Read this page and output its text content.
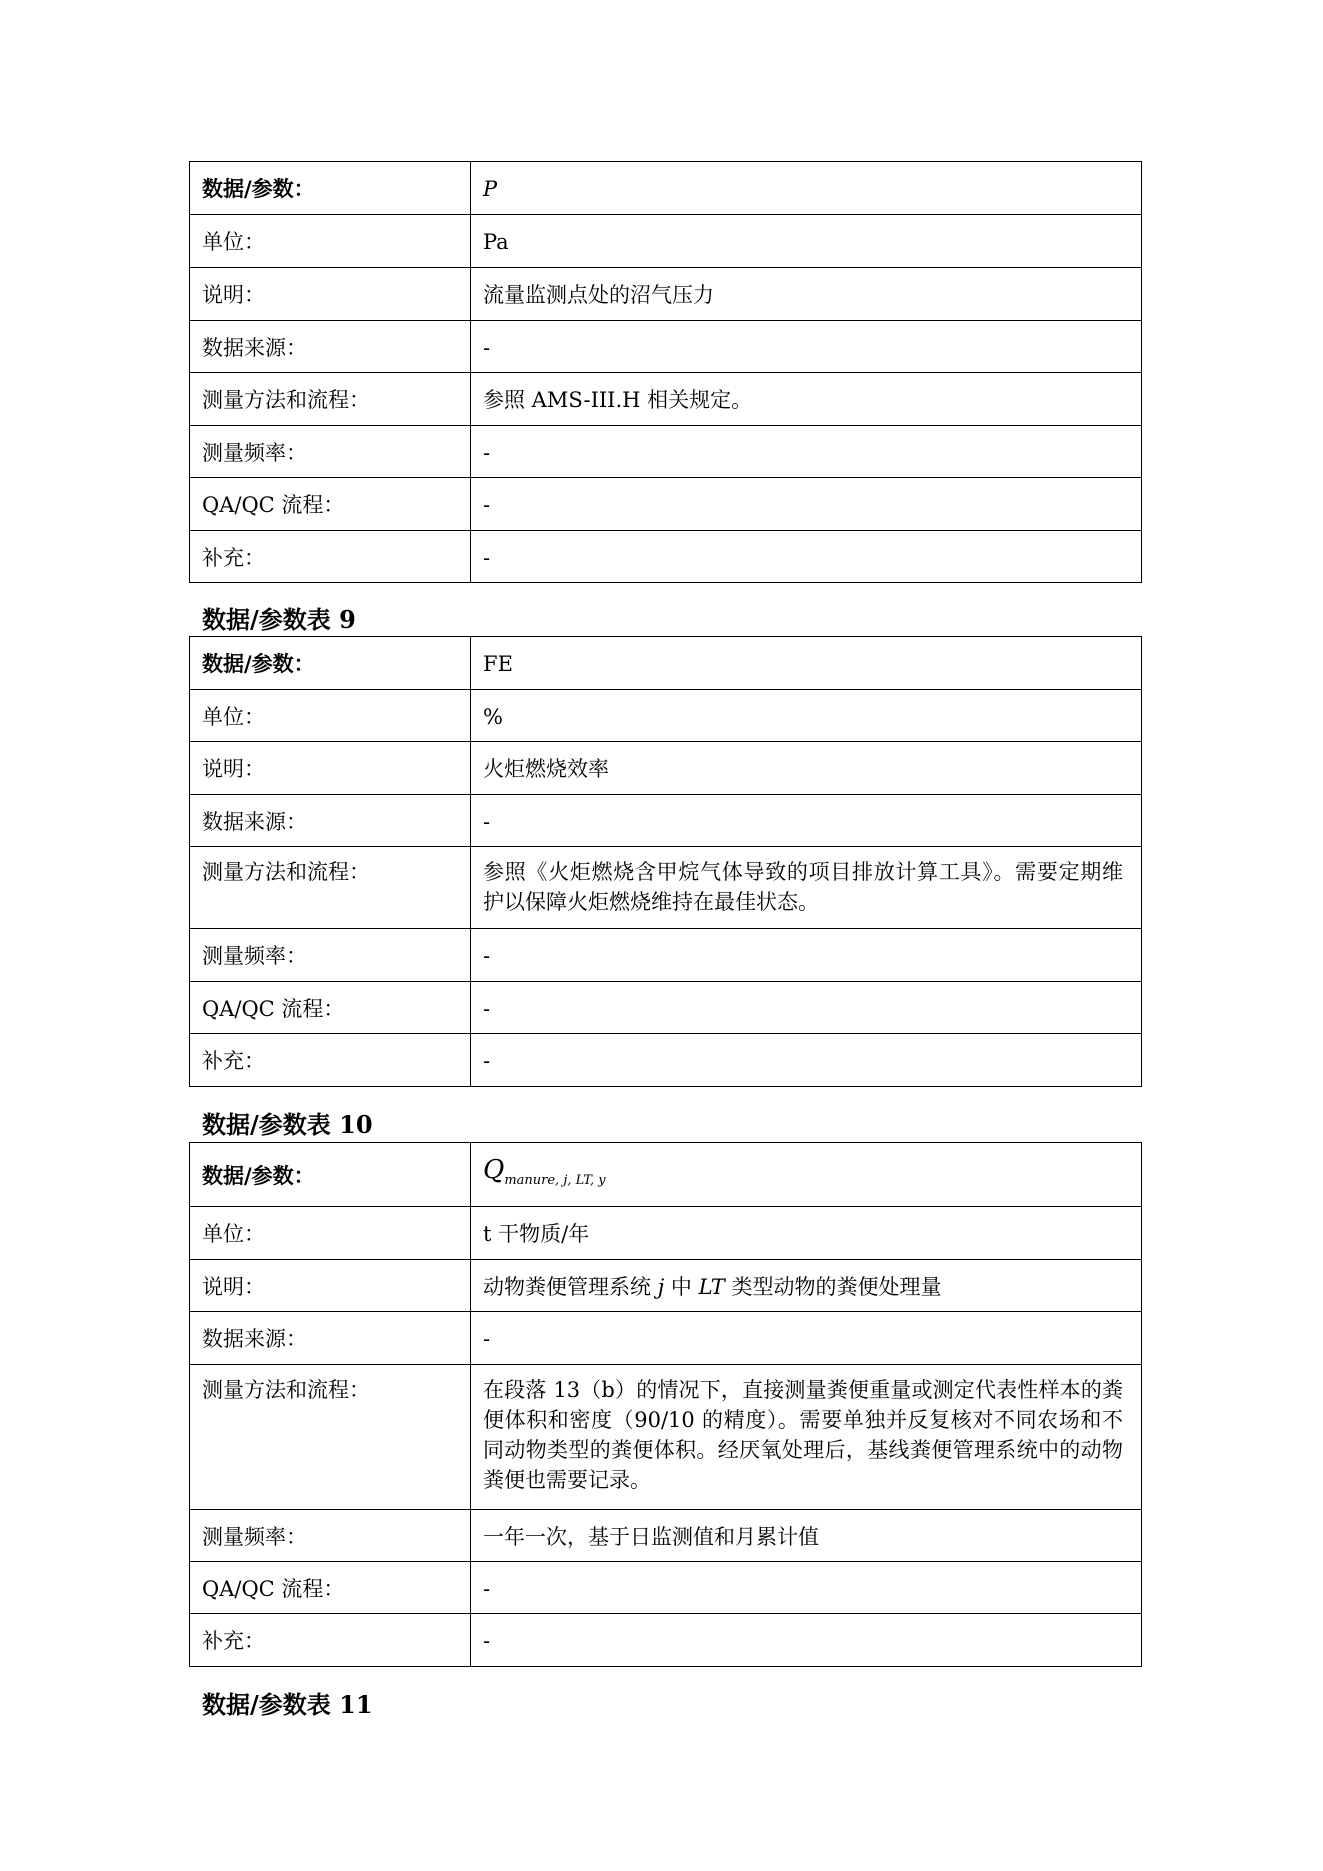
数据/参数：	P
单位：	Pa
说明：	流量监测点处的沼气压力
数据来源：	-
测量方法和流程：	参照 AMS-III.H 相关规定。
测量频率：	-
QA/QC 流程：	-
补充：	-

数据/参数表 9

数据/参数：	FE
单位：	%
说明：	火炬燃烧效率
数据来源：	-
测量方法和流程：	参照《火炬燃烧含甲烷气体导致的项目排放计算工具》。需要定期维护以保障火炬燃烧维持在最佳状态。
测量频率：	-
QA/QC 流程：	-
补充：	-

数据/参数表 10

数据/参数：	$Q_{manure, j, LT, y}$
单位：	t 干物质/年
说明：	动物粪便管理系统 j 中 LT 类型动物的粪便处理量
数据来源：	-
测量方法和流程：	在段落 13（b）的情况下，直接测量粪便重量或测定代表性样本的粪便体积和密度（90/10 的精度）。需要单独并反复核对不同农场和不同动物类型的粪便体积。经厌氧处理后，基线粪便管理系统中的动物粪便也需要记录。
测量频率：	一年一次，基于日监测值和月累计值
QA/QC 流程：	-
补充：	-

数据/参数表 11
